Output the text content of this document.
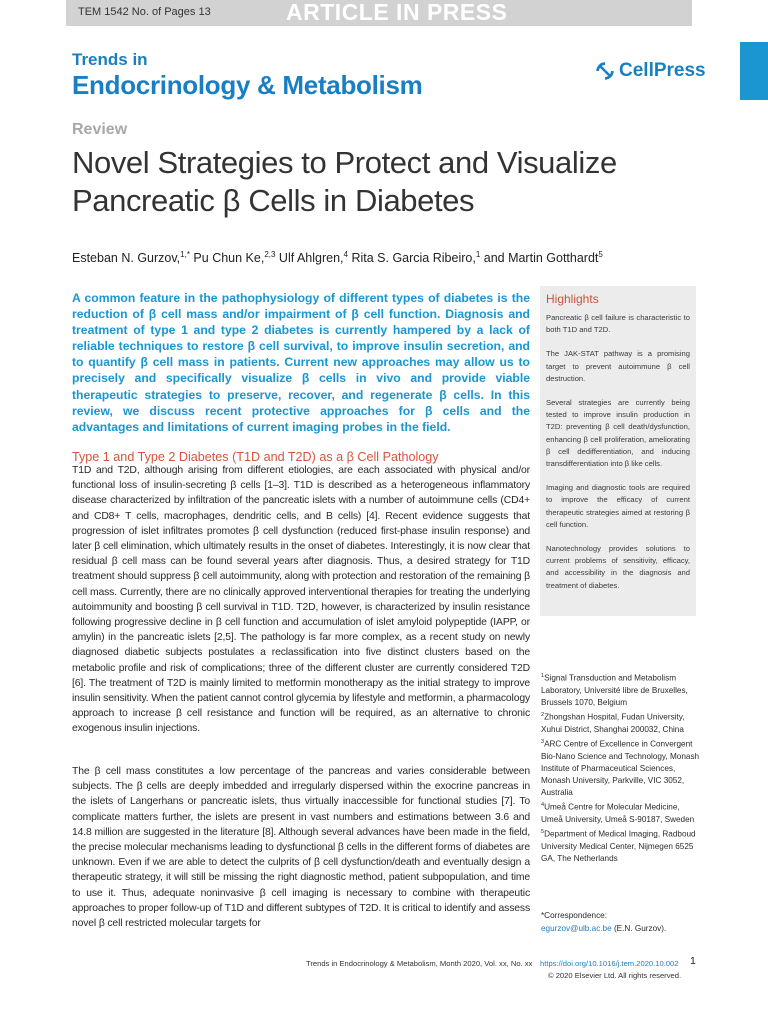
TEM 1542 No. of Pages 13	ARTICLE IN PRESS
Trends in
Endocrinology & Metabolism	CellPress
Review
Novel Strategies to Protect and Visualize
Pancreatic β Cells in Diabetes
Esteban N. Gurzov,$^{1,*}$ Pu Chun Ke,$^{2,3}$ Ulf Ahlgren,$^4$ Rita S. Garcia Ribeiro,$^1$ and Martin Gotthardt$^5$

A common feature in the pathophysiology of different types of diabetes is the reduction of β cell mass and/or impairment of β cell function. Diagnosis and treatment of type 1 and type 2 diabetes is currently hampered by a lack of reliable techniques to restore β cell survival, to improve insulin secretion, and to quantify β cell mass in patients. Current new approaches may allow us to precisely and specifically visualize β cells in vivo and provide viable therapeutic strategies to preserve, recover, and regenerate β cells. In this review, we discuss recent protective approaches for β cells and the advantages and limitations of current imaging probes in the field.

Type 1 and Type 2 Diabetes (T1D and T2D) as a β Cell Pathology

T1D and T2D, although arising from different etiologies, are each associated with physical and/or functional loss of insulin-secreting β cells [1–3]. T1D is described as a heterogeneous inflammatory disease characterized by infiltration of the pancreatic islets with a number of autoimmune cells (CD4+ and CD8+ T cells, macrophages, dendritic cells, and B cells) [4]. Recent evidence suggests that progression of islet infiltrates promotes β cell dysfunction (reduced first-phase insulin response) and later β cell elimination, which ultimately results in the onset of diabetes. Interestingly, it is now clear that residual β cell mass can be found several years after diagnosis. Thus, a desired strategy for T1D treatment should suppress β cell autoimmunity, along with protection and restoration of the remaining β cell mass. Currently, there are no clinically approved interventional therapies for treating the underlying autoimmunity and boosting β cell survival in T1D. T2D, however, is characterized by insulin resistance following progressive decline in β cell function and accumulation of islet amyloid polypeptide (IAPP, or amylin) in the pancreatic islets [2,5]. The pathology is far more complex, as a recent study on newly diagnosed diabetic subjects postulates a reclassification into five distinct clusters based on the metabolic profile and risk of complications; three of the different cluster are currently considered T2D [6]. The treatment of T2D is mainly limited to metformin monotherapy as the initial strategy to improve insulin sensitivity. When the patient cannot control glycemia by lifestyle and metformin, a pharmacology approach to increase β cell resistance and function will be required, as an alternative to chronic exogenous insulin injections.

The β cell mass constitutes a low percentage of the pancreas and varies considerable between subjects. The β cells are deeply imbedded and irregularly dispersed within the exocrine pancreas in the islets of Langerhans or pancreatic islets, thus virtually inaccessible for functional studies [7]. To complicate matters further, the islets are present in vast numbers and estimations between 3.6 and 14.8 million are suggested in the literature [8]. Although several advances have been made in the field, the precise molecular mechanisms leading to dysfunctional β cells in the different forms of diabetes are unknown. Even if we are able to detect the culprits of β cell dysfunction/death and eventually design a therapeutic strategy, it will still be missing the right diagnostic method, patient subpopulation, and time to use it. Thus, adequate noninvasive β cell imaging is necessary to combine with therapeutic approaches to proper follow-up of T1D and different subtypes of T2D. It is critical to identify and assess novel β cell restricted molecular targets for

Highlights
Pancreatic β cell failure is characteristic to both T1D and T2D.
The JAK-STAT pathway is a promising target to prevent autoimmune β cell destruction.
Several strategies are currently being tested to improve insulin production in T2D: preventing β cell death/dysfunction, enhancing β cell proliferation, ameliorating β cell dedifferentiation, and inducing transdifferentiation into β like cells.
Imaging and diagnostic tools are required to improve the efficacy of current therapeutic strategies aimed at restoring β cell function.
Nanotechnology provides solutions to current problems of sensitivity, efficacy, and accessibility in the diagnosis and treatment of diabetes.

$^1$Signal Transduction and Metabolism Laboratory, Université libre de Bruxelles, Brussels 1070, Belgium

$^2$Zhongshan Hospital, Fudan University, Xuhui District, Shanghai 200032, China

$^3$ARC Centre of Excellence in Convergent Bio-Nano Science and Technology, Monash Institute of Pharmaceutical Sciences, Monash University, Parkville, VIC 3052, Australia

$^4$Umeå Centre for Molecular Medicine, Umeå University, Umeå S-90187, Sweden

$^5$Department of Medical Imaging, Radboud University Medical Center, Nijmegen 6525 GA, The Netherlands

*Correspondence:
egurzov@ulb.ac.be (E.N. Gurzov).
Trends in Endocrinology & Metabolism, Month 2020, Vol. xx, No. xx https://doi.org/10.1016/j.tem.2020.10.002 1
© 2020 Elsevier Ltd. All rights reserved.
